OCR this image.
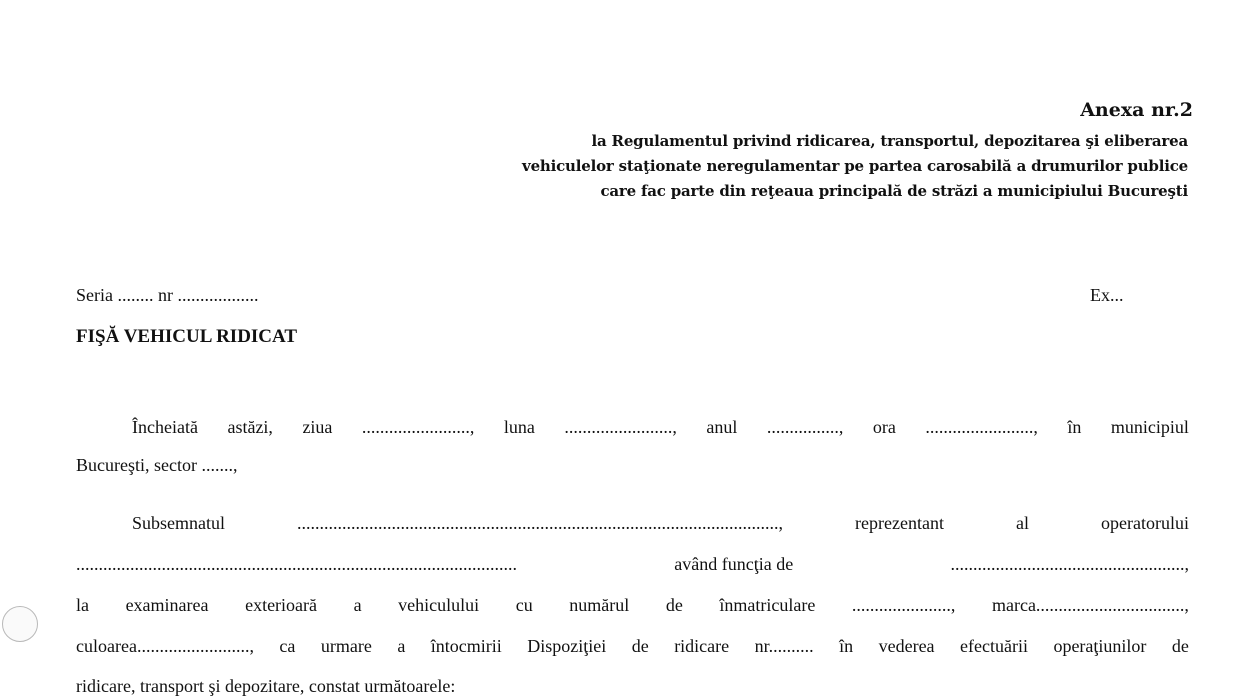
Anexa nr.2
la Regulamentul privind ridicarea, transportul, depozitarea şi eliberarea
vehiculelor staţionate neregulamentar pe partea carosabilă a drumurilor publice
care fac parte din reţeaua principală de străzi a municipiului Bucureşti
Seria ........ nr ..................	Ex...
FIŞĂ VEHICUL RIDICAT
Încheiată astăzi, ziua ........................, luna ........................, anul ................, ora ........................, în municipiul
Bucureşti, sector .......,
Subsemnatul	...........................................................................................................,	reprezentant	al	operatorului
..................................................................................................	având funcţia de	....................................................,
la examinarea exterioară a vehiculului cu numărul de înmatriculare ......................, marca.................................,
culoarea........................., ca urmare a întocmirii Dispoziţiei de ridicare nr.......... în vederea efectuării operaţiunilor de
ridicare, transport şi depozitare, constat următoarele:
